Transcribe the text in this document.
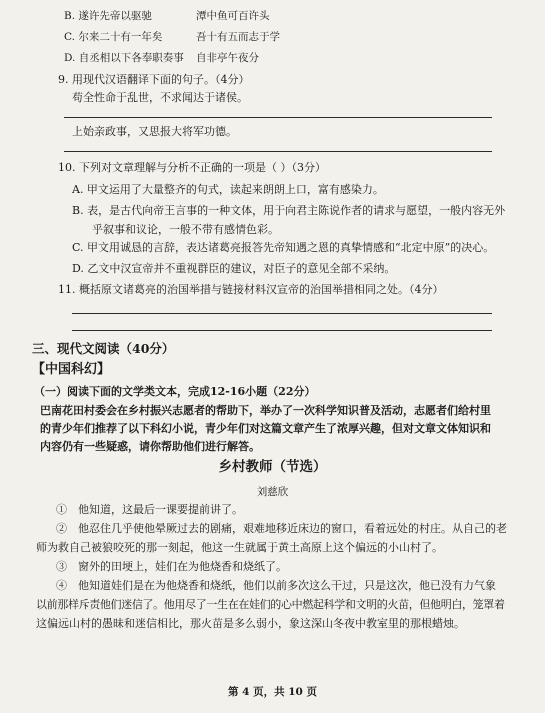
B. 遂许先帝以驱驰	潭中鱼可百许头
C. 尔来二十有一年矣	吾十有五而志于学
D. 自丞相以下各奉职奏事 自非亭午夜分
9. 用现代汉语翻译下面的句子。（4分）
苟全性命于乱世，不求闻达于诸侯。
上始亲政事，又思报大将军功德。
10. 下列对文章理解与分析不正确的一项是（ ）（3分）
A. 甲文运用了大量整齐的句式，读起来朗朗上口，富有感染力。
B. 表，是古代向帝王言事的一种文体，用于向君主陈说作者的请求与愿望，一般内容无外
乎叙事和议论，一般不带有感情色彩。
C. 甲文用诚恳的言辞，表达诸葛亮报答先帝知遇之恩的真挚情感和“北定中原”的决心。
D. 乙文中汉宣帝并不重视群臣的建议，对臣子的意见全部不采纳。
11. 概括原文诸葛亮的治国举措与链接材料汉宣帝的治国举措相同之处。（4分）
三、现代文阅读（40分）
【中国科幻】
（一）阅读下面的文学类文本，完成12-16小题（22分）
巴南花田村委会在乡村振兴志愿者的帮助下，举办了一次科学知识普及活动，志愿者们给村里
的青少年们推荐了以下科幻小说，青少年们对这篇文章产生了浓厚兴趣，但对文章文体知识和
内容仍有一些疑惑，请你帮助他们进行解答。
乡村教师（节选）
刘慈欣
①　他知道，这最后一课要提前讲了。
②　他忍住几乎使他晕厥过去的剧痛，艰难地移近床边的窗口，看着远处的村庄。从自己的老
师为救自己被狼咬死的那一刻起，他这一生就属于黄土高原上这个偏远的小山村了。
③　窗外的田埂上，娃们在为他烧香和烧纸了。
④　他知道娃们是在为他烧香和烧纸，他们以前多次这么干过，只是这次，他已没有力气象
以前那样斥责他们迷信了。他用尽了一生在在娃们的心中燃起科学和文明的火苗，但他明白，笼罩着
这偏远山村的愚昧和迷信相比，那火苗是多么弱小，象这深山冬夜中教室里的那根蜡烛。
第 4 页，共 10 页
